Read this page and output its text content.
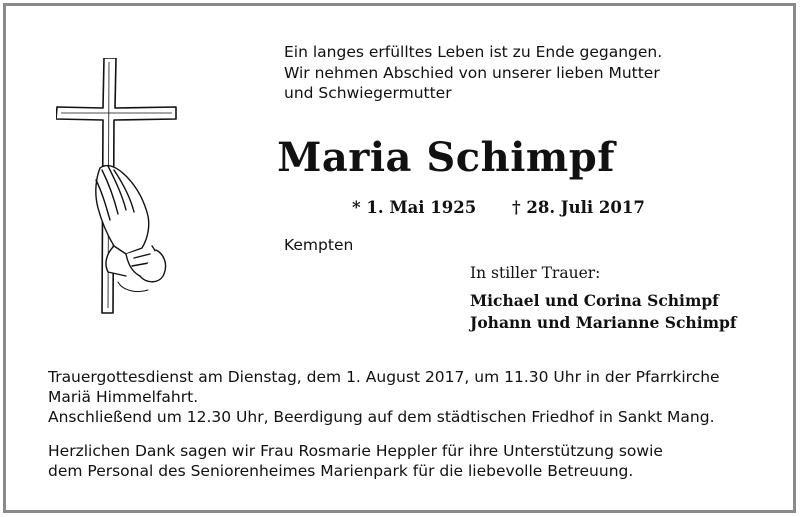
Ein langes erfülltes Leben ist zu Ende gegangen.
Wir nehmen Abschied von unserer lieben Mutter
und Schwiegermutter
Maria Schimpf
* 1. Mai 1925 † 28. Juli 2017
Kempten
In stiller Trauer:
Michael und Corina Schimpf
Johann und Marianne Schimpf
Trauergottesdienst am Dienstag, dem 1. August 2017, um 11.30 Uhr in der Pfarrkirche
Mariä Himmelfahrt.
Anschließend um 12.30 Uhr, Beerdigung auf dem städtischen Friedhof in Sankt Mang.
Herzlichen Dank sagen wir Frau Rosmarie Heppler für ihre Unterstützung sowie
dem Personal des Seniorenheimes Marienpark für die liebevolle Betreuung.
